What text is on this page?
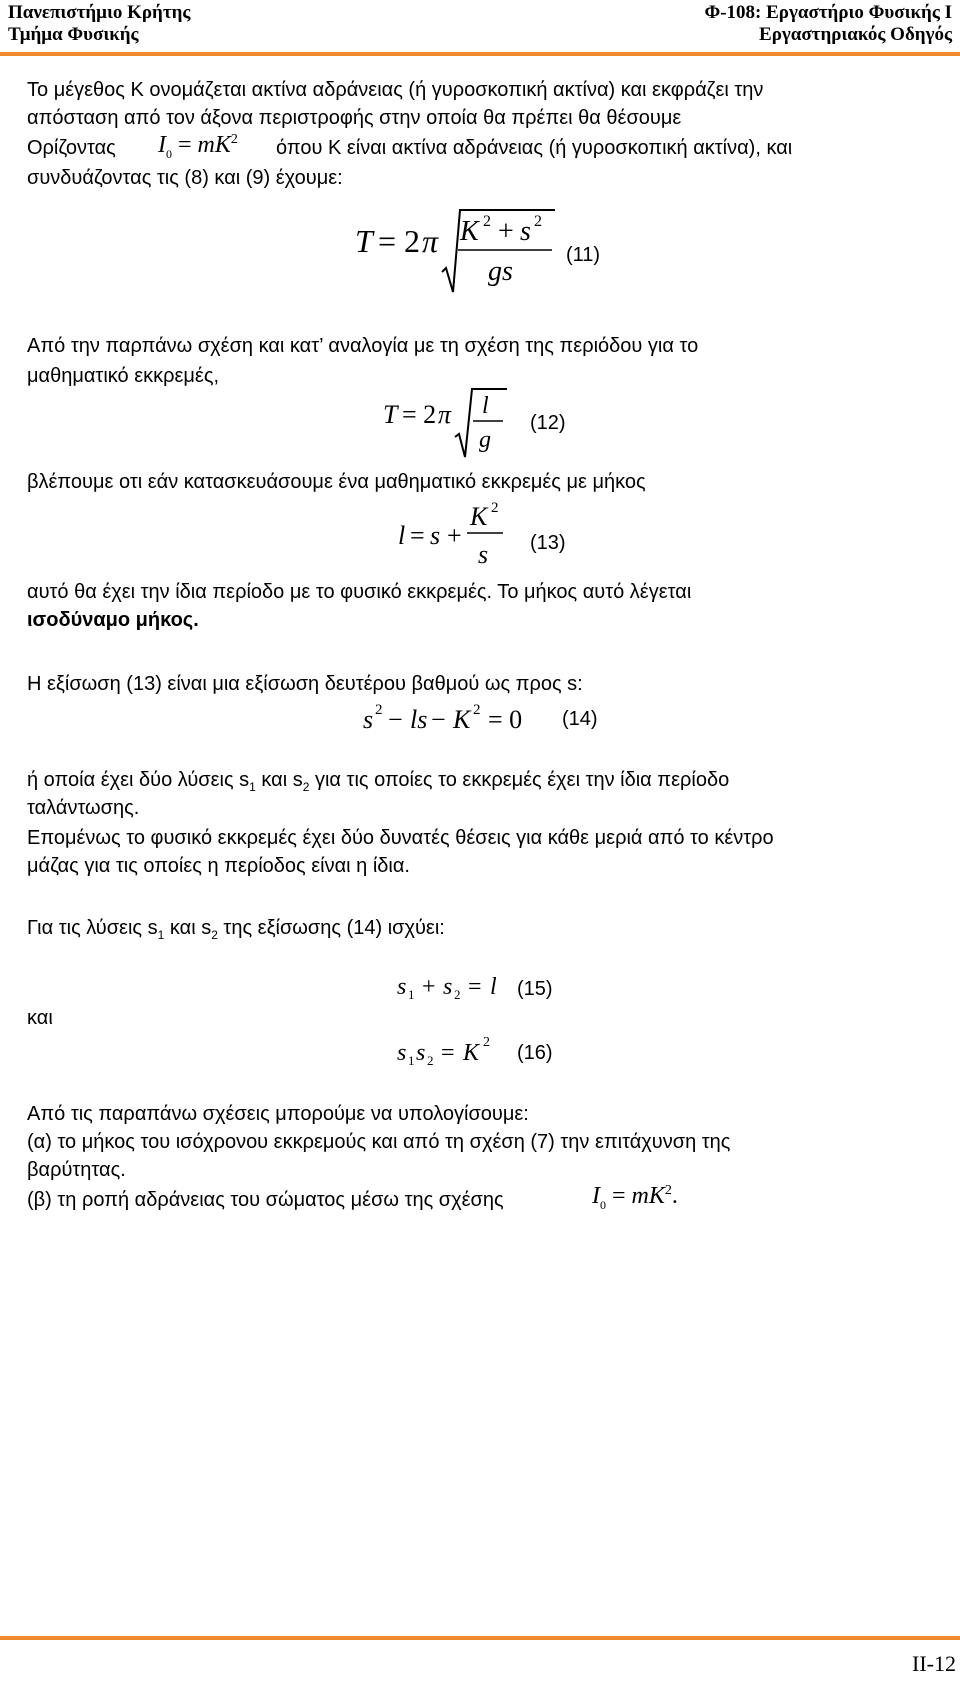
Πανεπιστήμιο Κρήτης
Τμήμα Φυσικής
Φ-108: Εργαστήριο Φυσικής Ι
Εργαστηριακός Οδηγός
Το μέγεθος Κ ονομάζεται ακτίνα αδράνειας (ή γυροσκοπική ακτίνα) και εκφράζει την
απόσταση από τον άξονα περιστροφής στην οποία θα πρέπει θα θέσουμε
Ορίζοντας $I_0 = mK^2$ όπου Κ είναι ακτίνα αδράνειας (ή γυροσκοπική ακτίνα), και
συνδυάζοντας τις (8) και (9) έχουμε:
T = 2 π K 2 + s 2
gs
(11)
Από την παρπάνω σχέση και κατ’ αναλογία με τη σχέση της περιόδου για το
μαθηματικό εκκρεμές,
T = 2 π l
g
(12)
βλέπουμε οτι εάν κατασκευάσουμε ένα μαθηματικό εκκρεμές με μήκος
l = s +
K 2
s (13)
αυτό θα έχει την ίδια περίοδο με το φυσικό εκκρεμές. Το μήκος αυτό λέγεται
ισοδύναμο μήκος.
Η εξίσωση (13) είναι μια εξίσωση δευτέρου βαθμού ως προς s:
s 2 − ls − K 2 = 0 (14)
ή οποία έχει δύο λύσεις $s_1$ και $s_2$ για τις οποίες το εκκρεμές έχει την ίδια περίοδο
ταλάντωσης.
Επομένως το φυσικό εκκρεμές έχει δύο δυνατές θέσεις για κάθε μεριά από το κέντρο
μάζας για τις οποίες η περίοδος είναι η ίδια.
Για τις λύσεις $s_1$ και $s_2$ της εξίσωσης (14) ισχύει:
και
s 1 + s 2 = l (15)
s 1 s 2 = K 2 (16)
Από τις παραπάνω σχέσεις μπορούμε να υπολογίσουμε:
(α) το μήκος του ισόχρονου εκκρεμούς και από τη σχέση (7) την επιτάχυνση της
βαρύτητας.
(β) τη ροπή αδράνειας του σώματος μέσω της σχέσης	$I_0 = mK^2$.
II-12
